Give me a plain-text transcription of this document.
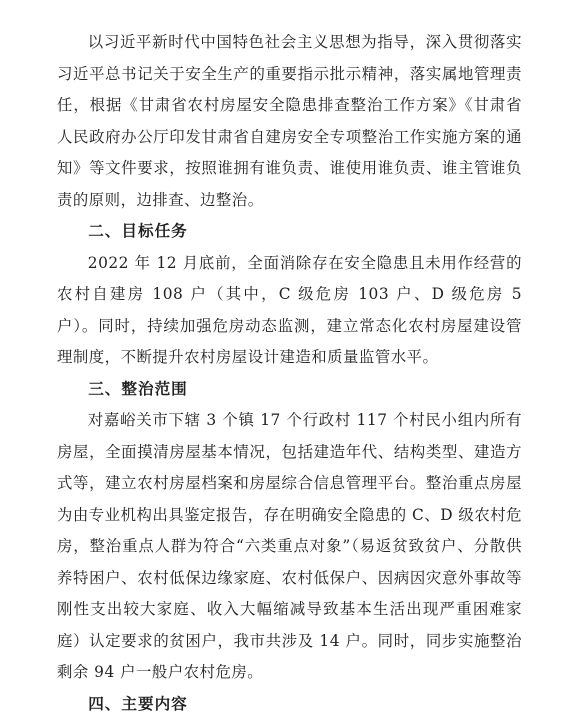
以习近平新时代中国特色社会主义思想为指导，深入贯彻落实习近平总书记关于安全生产的重要指示批示精神，落实属地管理责任，根据《甘肃省农村房屋安全隐患排查整治工作方案》《甘肃省人民政府办公厅印发甘肃省自建房安全专项整治工作实施方案的通知》等文件要求，按照谁拥有谁负责、谁使用谁负责、谁主管谁负责的原则，边排查、边整治。

二、目标任务

2022 年 12 月底前，全面消除存在安全隐患且未用作经营的农村自建房 108 户（其中，C 级危房 103 户、D 级危房 5 户）。同时，持续加强危房动态监测，建立常态化农村房屋建设管理制度，不断提升农村房屋设计建造和质量监管水平。

三、整治范围

对嘉峪关市下辖 3 个镇 17 个行政村 117 个村民小组内所有房屋，全面摸清房屋基本情况，包括建造年代、结构类型、建造方式等，建立农村房屋档案和房屋综合信息管理平台。整治重点房屋为由专业机构出具鉴定报告，存在明确安全隐患的 C、D 级农村危房，整治重点人群为符合“六类重点对象”（易返贫致贫户、分散供养特困户、农村低保边缘家庭、农村低保户、因病因灾意外事故等刚性支出较大家庭、收入大幅缩减导致基本生活出现严重困难家庭）认定要求的贫困户，我市共涉及 14 户。同时，同步实施整治剩余 94 户一般户农村危房。

四、主要内容
